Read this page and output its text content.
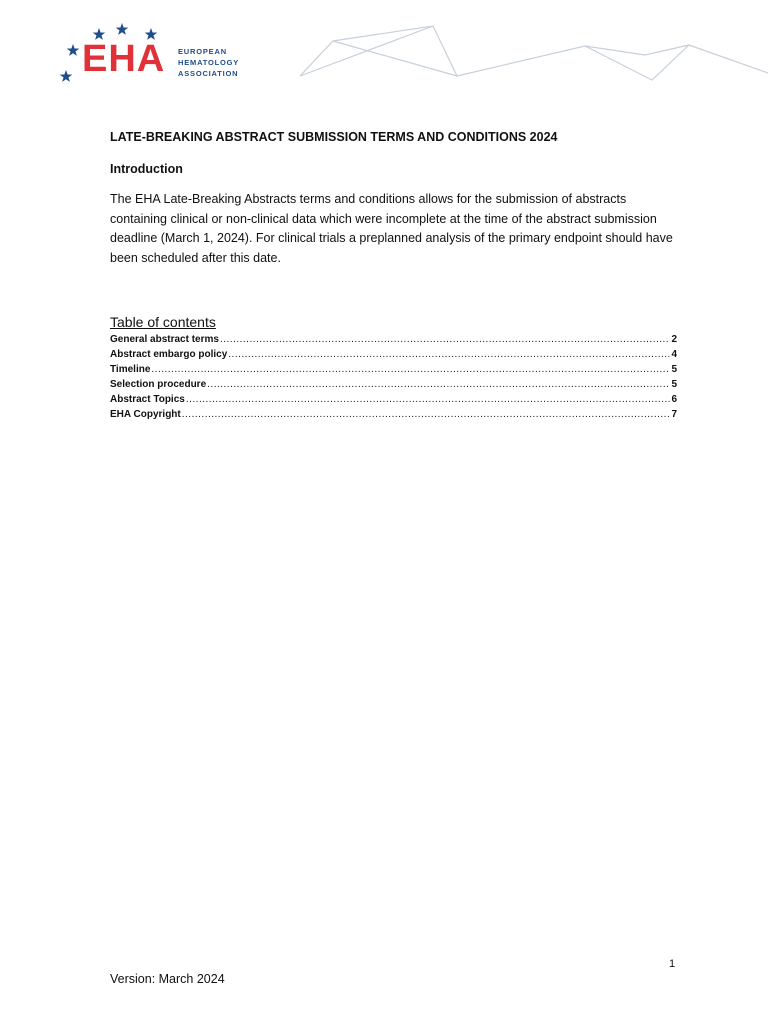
EHA EUROPEAN
HEMATOLOGY
ASSOCIATION
LATE-BREAKING ABSTRACT SUBMISSION TERMS AND CONDITIONS 2024
Introduction
The EHA Late-Breaking Abstracts terms and conditions allows for the submission of abstracts containing clinical or non-clinical data which were incomplete at the time of the abstract submission deadline (March 1, 2024). For clinical trials a preplanned analysis of the primary endpoint should have been scheduled after this date.
Table of contents
General abstract terms .....	2
Abstract embargo policy .....	4
Timeline .....	5
Selection procedure .....	5
Abstract Topics .....	6
EHA Copyright .....	7
1
Version: March 2024
